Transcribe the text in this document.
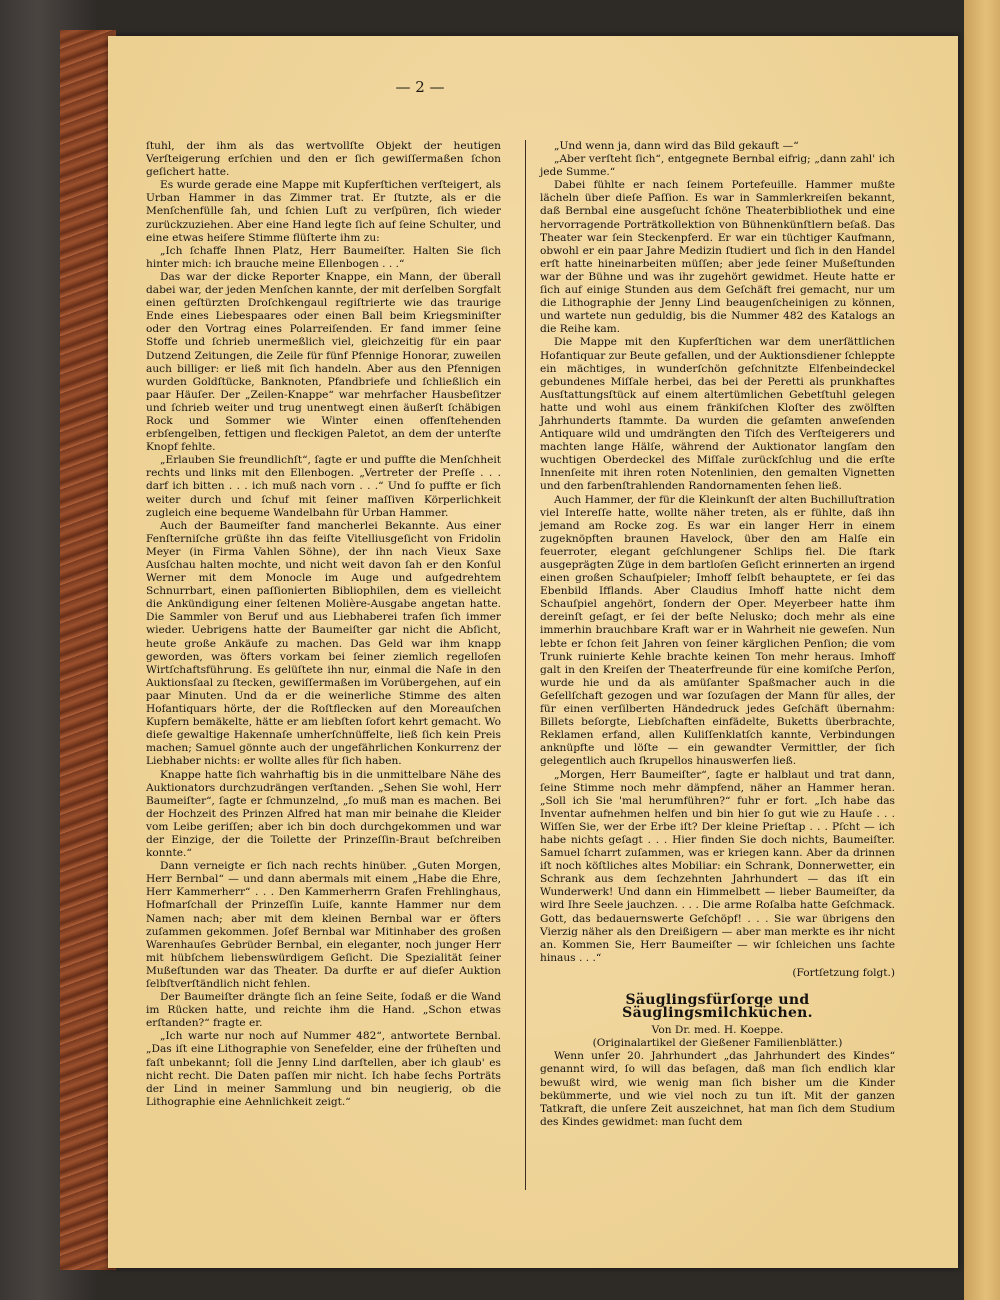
— 2 —

ſtuhl, der ihm als das wertvollſte Objekt der heutigen Verſteigerung erſchien und den er ſich gewiſſermaßen ſchon geſichert hatte.

Es wurde gerade eine Mappe mit Kupferſtichen verſteigert, als Urban Hammer in das Zimmer trat. Er ſtutzte, als er die Menſchenfülle ſah, und ſchien Luſt zu verſpüren, ſich wieder zurückzuziehen. Aber eine Hand legte ſich auf ſeine Schulter, und eine etwas heiſere Stimme flüſterte ihm zu:

„Ich ſchaffe Ihnen Platz, Herr Baumeiſter. Halten Sie ſich hinter mich: ich brauche meine Ellenbogen . . .“

Das war der dicke Reporter Knappe, ein Mann, der überall dabei war, der jeden Menſchen kannte, der mit derſelben Sorgfalt einen geſtürzten Droſchkengaul regiſtrierte wie das traurige Ende eines Liebespaares oder einen Ball beim Kriegsminiſter oder den Vortrag eines Polarreiſenden. Er fand immer ſeine Stoffe und ſchrieb unermeßlich viel, gleichzeitig für ein paar Dutzend Zeitungen, die Zeile für fünf Pfennige Honorar, zuweilen auch billiger: er ließ mit ſich handeln. Aber aus den Pfennigen wurden Goldſtücke, Banknoten, Pfandbriefe und ſchließlich ein paar Häuſer. Der „Zeilen-Knappe“ war mehrfacher Hausbeſitzer und ſchrieb weiter und trug unentwegt einen äußerſt ſchäbigen Rock und Sommer wie Winter einen offenſtehenden erbſengelben, fettigen und fleckigen Paletot, an dem der unterſte Knopf fehlte.

„Erlauben Sie freundlichſt“, ſagte er und puffte die Menſchheit rechts und links mit den Ellenbogen. „Vertreter der Preſſe . . . darf ich bitten . . . ich muß nach vorn . . .“ Und ſo puffte er ſich weiter durch und ſchuf mit ſeiner maſſiven Körperlichkeit zugleich eine bequeme Wandelbahn für Urban Hammer.

Auch der Baumeiſter fand mancherlei Bekannte. Aus einer Fenſterniſche grüßte ihn das feiſte Vitelliusgeſicht von Fridolin Meyer (in Firma Vahlen Söhne), der ihn nach Vieux Saxe Ausſchau halten mochte, und nicht weit davon ſah er den Konſul Werner mit dem Monocle im Auge und aufgedrehtem Schnurrbart, einen paſſionierten Bibliophilen, dem es vielleicht die Ankündigung einer ſeltenen Molière-Ausgabe angetan hatte. Die Sammler von Beruf und aus Liebhaberei trafen ſich immer wieder. Uebrigens hatte der Baumeiſter gar nicht die Abſicht, heute große Ankäufe zu machen. Das Geld war ihm knapp geworden, was öfters vorkam bei ſeiner ziemlich regelloſen Wirtſchaftsführung. Es gelüſtete ihn nur, einmal die Naſe in den Auktionsſaal zu ſtecken, gewiſſermaßen im Vorübergehen, auf ein paar Minuten. Und da er die weinerliche Stimme des alten Hofantiquars hörte, der die Roſtflecken auf den Moreauſchen Kupfern bemäkelte, hätte er am liebſten ſofort kehrt gemacht. Wo dieſe gewaltige Hakennaſe umherſchnüffelte, ließ ſich kein Preis machen; Samuel gönnte auch der ungefährlichen Konkurrenz der Liebhaber nichts: er wollte alles für ſich haben.

Knappe hatte ſich wahrhaftig bis in die unmittelbare Nähe des Auktionators durchzudrängen verſtanden. „Sehen Sie wohl, Herr Baumeiſter“, ſagte er ſchmunzelnd, „ſo muß man es machen. Bei der Hochzeit des Prinzen Alfred hat man mir beinahe die Kleider vom Leibe geriſſen; aber ich bin doch durchgekommen und war der Einzige, der die Toilette der Prinzeſſin-Braut beſchreiben konnte.“

Dann verneigte er ſich nach rechts hinüber. „Guten Morgen, Herr Bernbal“ — und dann abermals mit einem „Habe die Ehre, Herr Kammerherr“ . . . Den Kammerherrn Grafen Frehlinghaus, Hofmarſchall der Prinzeſſin Luiſe, kannte Hammer nur dem Namen nach; aber mit dem kleinen Bernbal war er öfters zuſammen gekommen. Joſef Bernbal war Mitinhaber des großen Warenhauſes Gebrüder Bernbal, ein eleganter, noch junger Herr mit hübſchem liebenswürdigem Geſicht. Die Spezialität ſeiner Mußeſtunden war das Theater. Da durfte er auf dieſer Auktion ſelbſtverſtändlich nicht fehlen.

Der Baumeiſter drängte ſich an ſeine Seite, ſodaß er die Wand im Rücken hatte, und reichte ihm die Hand. „Schon etwas erſtanden?“ fragte er.

„Ich warte nur noch auf Nummer 482“, antwortete Bernbal. „Das iſt eine Lithographie von Senefelder, eine der früheſten und faſt unbekannt; ſoll die Jenny Lind darſtellen, aber ich glaub' es nicht recht. Die Daten paſſen mir nicht. Ich habe ſechs Porträts der Lind in meiner Sammlung und bin neugierig, ob die Lithographie eine Aehnlichkeit zeigt.“

„Und wenn ja, dann wird das Bild gekauft —“

„Aber verſteht ſich“, entgegnete Bernbal eifrig; „dann zahl' ich jede Summe.“

Dabei fühlte er nach ſeinem Portefeuille. Hammer mußte lächeln über dieſe Paſſion. Es war in Sammlerkreiſen bekannt, daß Bernbal eine ausgeſucht ſchöne Theaterbibliothek und eine hervorragende Porträtkollektion von Bühnenkünſtlern beſaß. Das Theater war ſein Steckenpferd. Er war ein tüchtiger Kaufmann, obwohl er ein paar Jahre Medizin ſtudiert und ſich in den Handel erſt hatte hineinarbeiten müſſen; aber jede ſeiner Mußeſtunden war der Bühne und was ihr zugehört gewidmet. Heute hatte er ſich auf einige Stunden aus dem Geſchäft frei gemacht, nur um die Lithographie der Jenny Lind beaugenſcheinigen zu können, und wartete nun geduldig, bis die Nummer 482 des Katalogs an die Reihe kam.

Die Mappe mit den Kupferſtichen war dem unerſättlichen Hofantiquar zur Beute gefallen, und der Auktionsdiener ſchleppte ein mächtiges, in wunderſchön geſchnitzte Elfenbeindeckel gebundenes Miſſale herbei, das bei der Peretti als prunkhaftes Ausſtattungsſtück auf einem altertümlichen Gebetſtuhl gelegen hatte und wohl aus einem fränkiſchen Kloſter des zwölften Jahrhunderts ſtammte. Da wurden die geſamten anweſenden Antiquare wild und umdrängten den Tiſch des Verſteigerers und machten lange Hälſe, während der Auktionator langſam den wuchtigen Oberdeckel des Miſſale zurückſchlug und die erſte Innenſeite mit ihren roten Notenlinien, den gemalten Vignetten und den farbenſtrahlenden Randornamenten ſehen ließ.

Auch Hammer, der für die Kleinkunſt der alten Buchilluſtration viel Intereſſe hatte, wollte näher treten, als er fühlte, daß ihn jemand am Rocke zog. Es war ein langer Herr in einem zugeknöpften braunen Havelock, über den am Halſe ein feuerroter, elegant geſchlungener Schlips fiel. Die ſtark ausgeprägten Züge in dem bartloſen Geſicht erinnerten an irgend einen großen Schauſpieler; Imhoff ſelbſt behauptete, er ſei das Ebenbild Ifflands. Aber Claudius Imhoff hatte nicht dem Schauſpiel angehört, ſondern der Oper. Meyerbeer hatte ihm dereinſt geſagt, er ſei der beſte Nelusko; doch mehr als eine immerhin brauchbare Kraft war er in Wahrheit nie geweſen. Nun lebte er ſchon ſeit Jahren von ſeiner kärglichen Penſion; die vom Trunk ruinierte Kehle brachte keinen Ton mehr heraus. Imhoff galt in den Kreiſen der Theaterfreunde für eine komiſche Perſon, wurde hie und da als amüſanter Spaßmacher auch in die Geſellſchaft gezogen und war ſozuſagen der Mann für alles, der für einen verſilberten Händedruck jedes Geſchäft übernahm: Billets beſorgte, Liebſchaften einfädelte, Buketts überbrachte, Reklamen erfand, allen Kuliſſenklatſch kannte, Verbindungen anknüpfte und löſte — ein gewandter Vermittler, der ſich gelegentlich auch ſkrupellos hinauswerfen ließ.

„Morgen, Herr Baumeiſter“, ſagte er halblaut und trat dann, ſeine Stimme noch mehr dämpfend, näher an Hammer heran. „Soll ich Sie 'mal herumführen?“ fuhr er fort. „Ich habe das Inventar aufnehmen helfen und bin hier ſo gut wie zu Hauſe . . . Wiſſen Sie, wer der Erbe iſt? Der kleine Prieſtap . . . Pſcht — ich habe nichts geſagt . . . Hier finden Sie doch nichts, Baumeiſter. Samuel ſcharrt zuſammen, was er kriegen kann. Aber da drinnen iſt noch köſtliches altes Mobiliar: ein Schrank, Donnerwetter, ein Schrank aus dem ſechzehnten Jahrhundert — das iſt ein Wunderwerk! Und dann ein Himmelbett — lieber Baumeiſter, da wird Ihre Seele jauchzen. . . . Die arme Roſalba hatte Geſchmack. Gott, das bedauernswerte Geſchöpf! . . . Sie war übrigens den Vierzig näher als den Dreißigern — aber man merkte es ihr nicht an. Kommen Sie, Herr Baumeiſter — wir ſchleichen uns ſachte hinaus . . .“

(Fortſetzung folgt.)

Säuglingsfürſorge und Säuglingsmilchküchen.

Von Dr. med. H. Koeppe.

(Originalartikel der Gießener Familienblätter.)

Wenn unſer 20. Jahrhundert „das Jahrhundert des Kindes“ genannt wird, ſo will das beſagen, daß man ſich endlich klar bewußt wird, wie wenig man ſich bisher um die Kinder bekümmerte, und wie viel noch zu tun iſt. Mit der ganzen Tatkraft, die unſere Zeit auszeichnet, hat man ſich dem Studium des Kindes gewidmet: man ſucht dem
